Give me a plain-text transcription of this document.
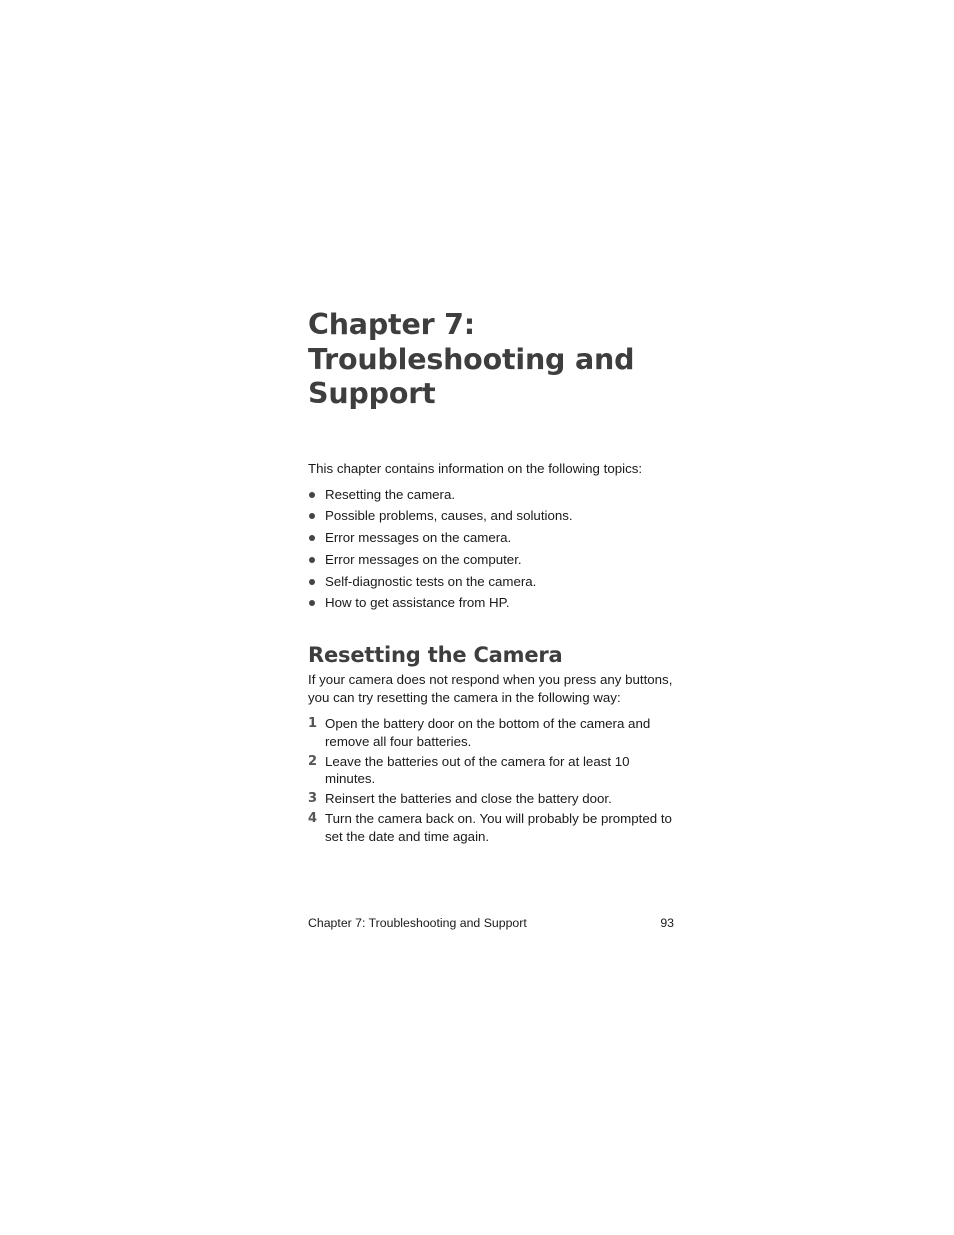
Chapter 7:
Troubleshooting and
Support

This chapter contains information on the following topics:

Resetting the camera.
Possible problems, causes, and solutions.
Error messages on the camera.
Error messages on the computer.
Self-diagnostic tests on the camera.
How to get assistance from HP.
Resetting the Camera

If your camera does not respond when you press any buttons, you can try resetting the camera in the following way:

1 Open the battery door on the bottom of the camera and remove all four batteries.
2 Leave the batteries out of the camera for at least 10 minutes.
3 Reinsert the batteries and close the battery door.
4 Turn the camera back on. You will probably be prompted to set the date and time again.
Chapter 7: Troubleshooting and Support	93
